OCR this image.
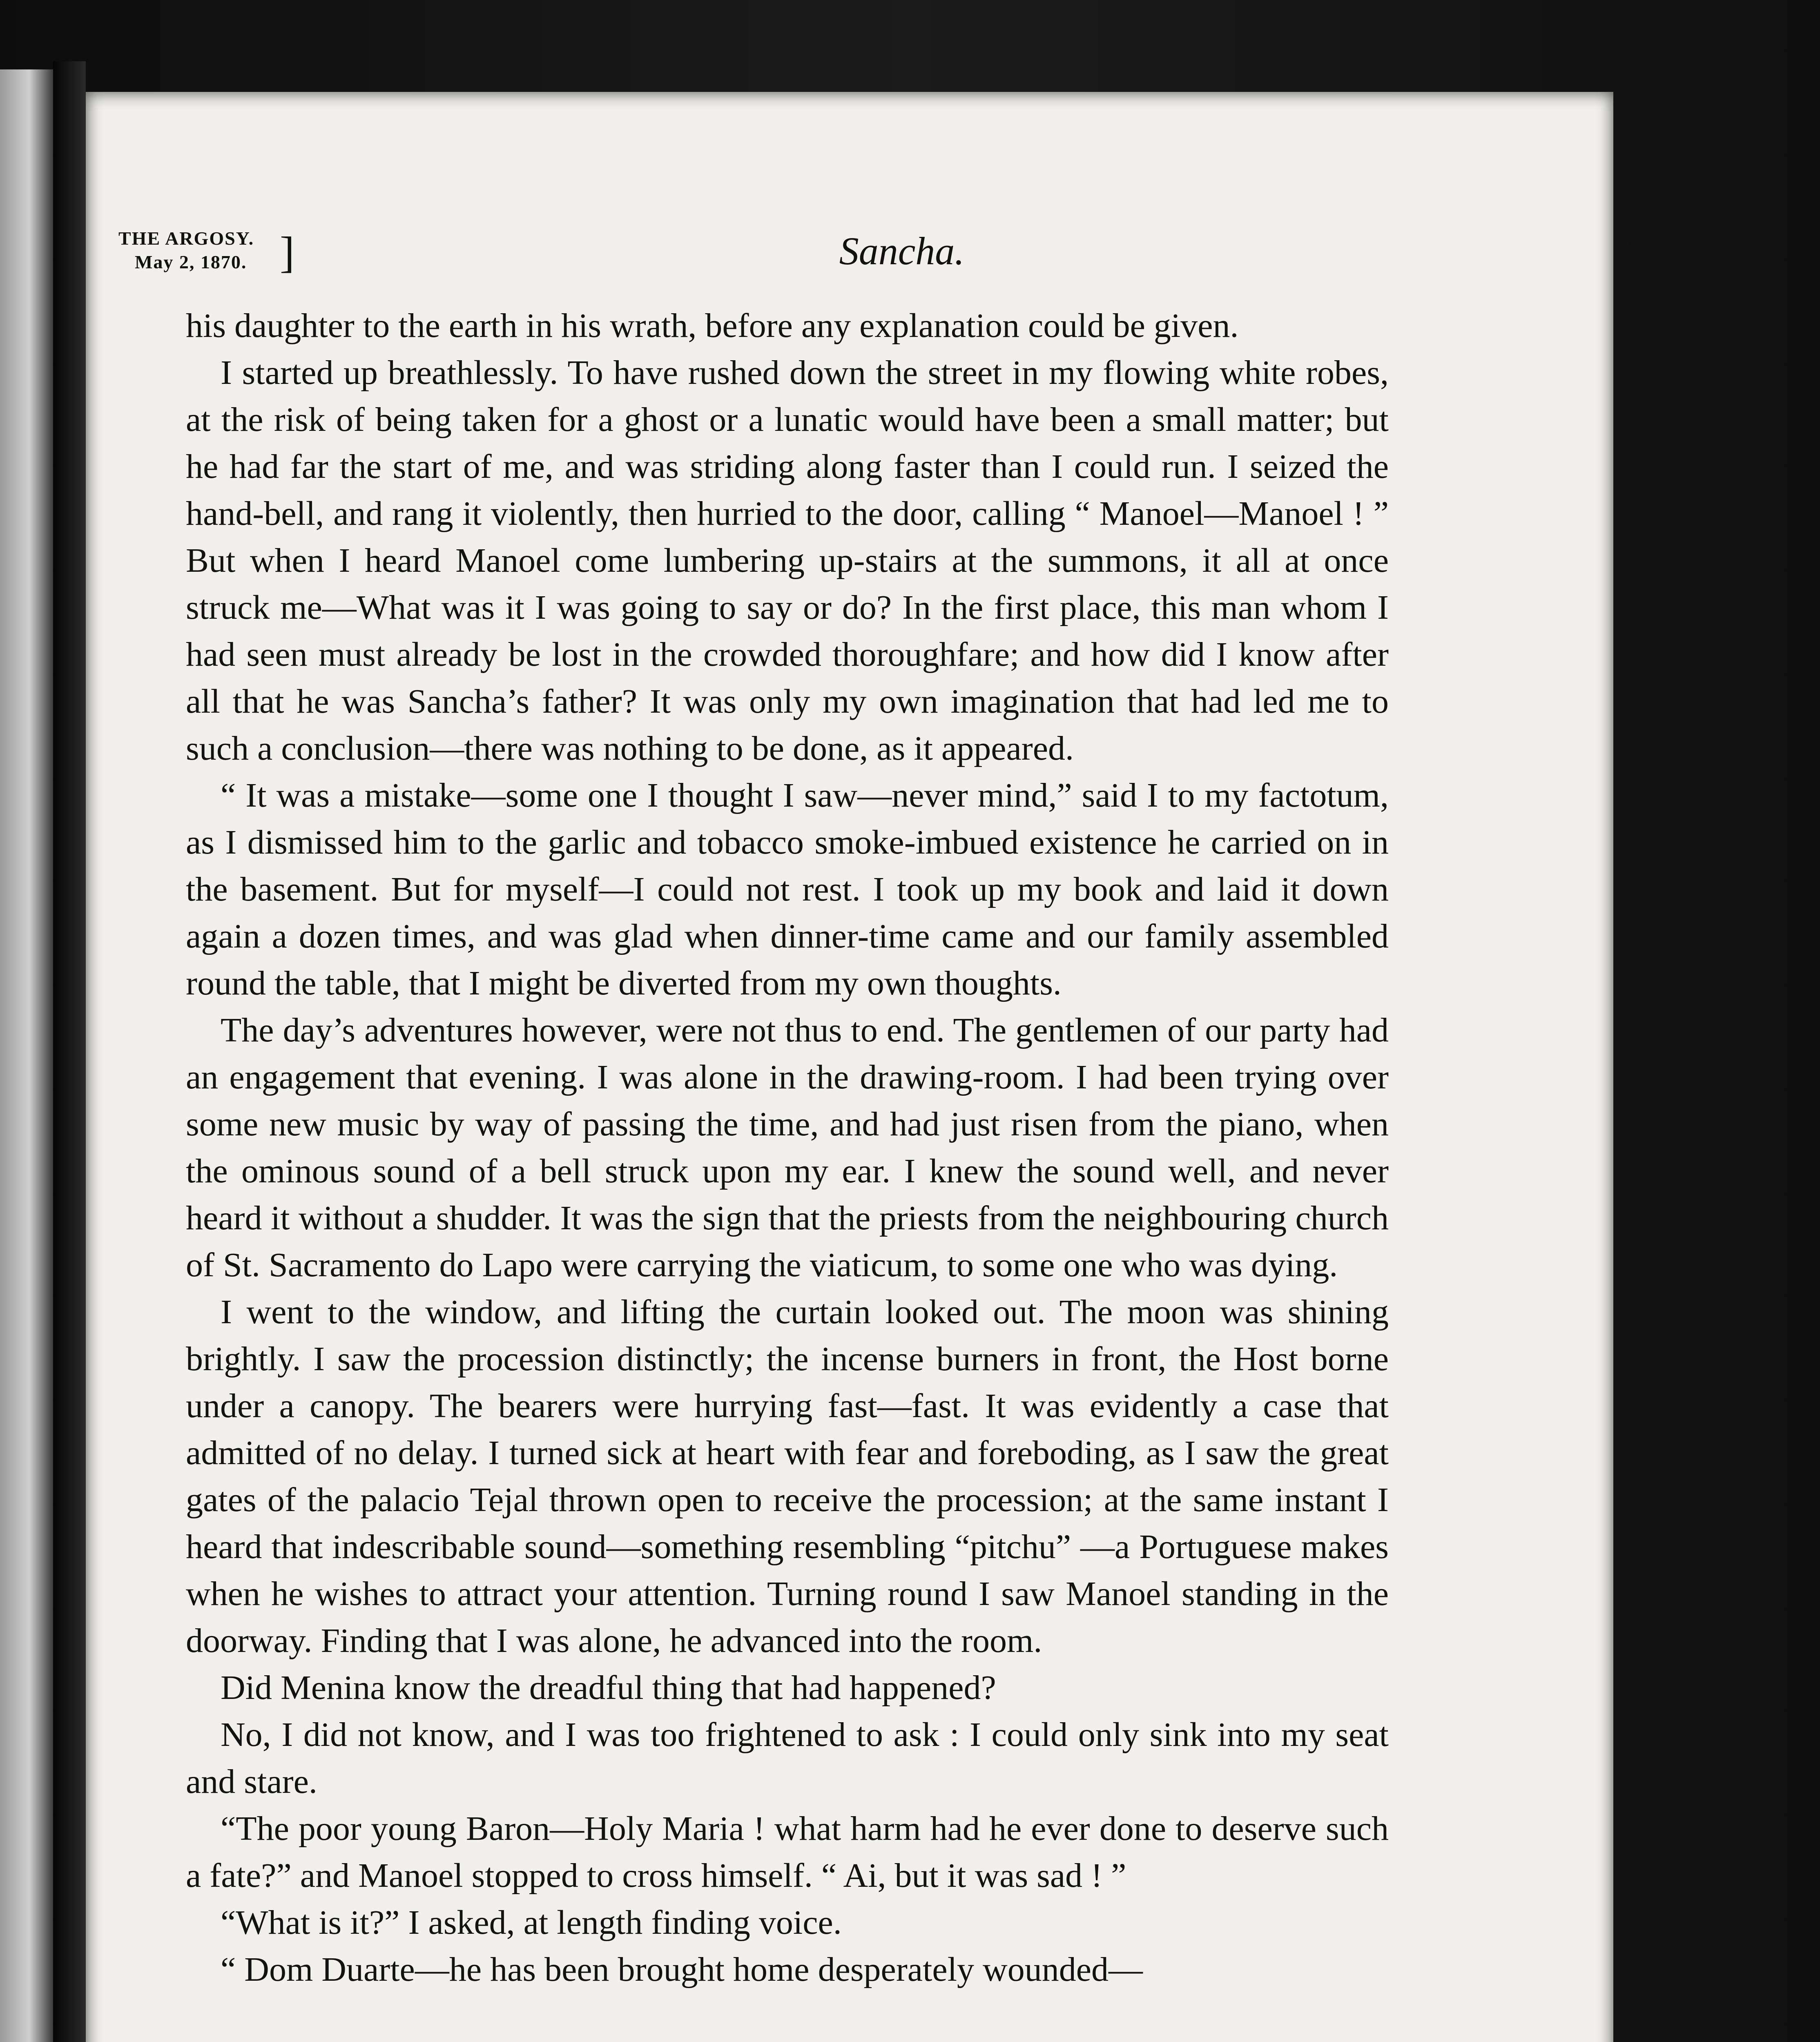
THE ARGOSY.
May 2, 1870. ]	Sancha.	379

his daughter to the earth in his wrath, before any explanation could be given.

I started up breathlessly. To have rushed down the street in my flowing white robes, at the risk of being taken for a ghost or a lunatic would have been a small matter; but he had far the start of me, and was striding along faster than I could run. I seized the hand-bell, and rang it violently, then hurried to the door, calling “ Manoel—Manoel ! ” But when I heard Manoel come lumbering up-stairs at the summons, it all at once struck me—What was it I was going to say or do? In the first place, this man whom I had seen must already be lost in the crowded thoroughfare; and how did I know after all that he was Sancha’s father? It was only my own imagination that had led me to such a conclusion—there was nothing to be done, as it appeared.

“ It was a mistake—some one I thought I saw—never mind,” said I to my factotum, as I dismissed him to the garlic and tobacco smoke-imbued existence he carried on in the basement. But for myself—I could not rest. I took up my book and laid it down again a dozen times, and was glad when dinner-time came and our family assembled round the table, that I might be diverted from my own thoughts.

The day’s adventures however, were not thus to end. The gentlemen of our party had an engagement that evening. I was alone in the drawing-room. I had been trying over some new music by way of passing the time, and had just risen from the piano, when the ominous sound of a bell struck upon my ear. I knew the sound well, and never heard it without a shudder. It was the sign that the priests from the neighbouring church of St. Sacramento do Lapo were carrying the viaticum, to some one who was dying.

I went to the window, and lifting the curtain looked out. The moon was shining brightly. I saw the procession distinctly; the incense burners in front, the Host borne under a canopy. The bearers were hurrying fast—fast. It was evidently a case that admitted of no delay. I turned sick at heart with fear and foreboding, as I saw the great gates of the palacio Tejal thrown open to receive the procession; at the same instant I heard that indescribable sound—something resembling “pitchu” —a Portuguese makes when he wishes to attract your attention. Turning round I saw Manoel standing in the doorway. Finding that I was alone, he advanced into the room.

Did Menina know the dreadful thing that had happened?

No, I did not know, and I was too frightened to ask : I could only sink into my seat and stare.

“The poor young Baron—Holy Maria ! what harm had he ever done to deserve such a fate?” and Manoel stopped to cross himself. “ Ai, but it was sad ! ”

“What is it?” I asked, at length finding voice.

“ Dom Duarte—he has been brought home desperately wounded—
